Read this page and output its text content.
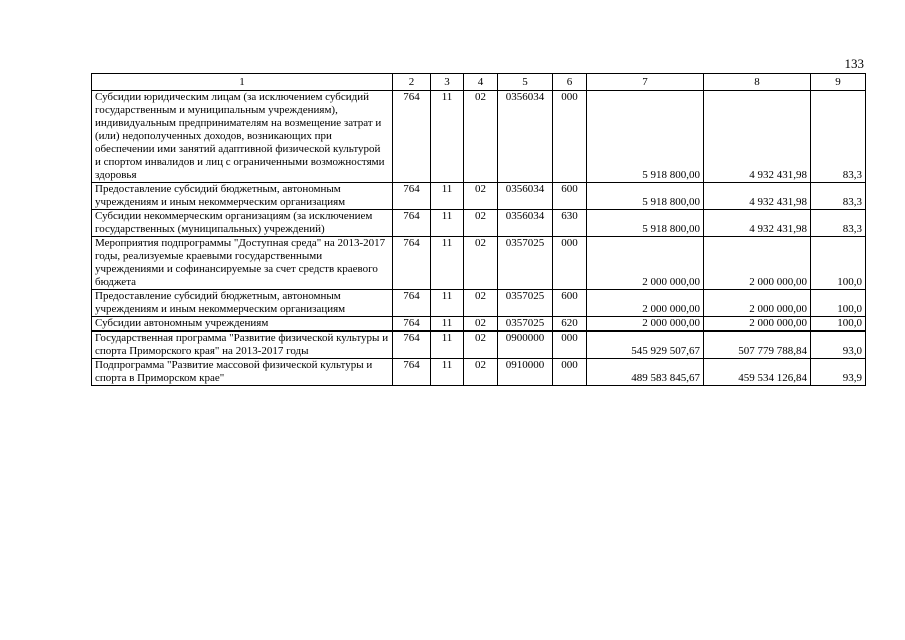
133
1	2	3	4	5	6	7	8	9
Субсидии юридическим лицам (за исключением субсидий государственным и муниципальным учреждениям), индивидуальным предпринимателям на возмещение затрат и (или) недополученных доходов, возникающих при обеспечении ими занятий адаптивной физической культурой и спортом инвалидов и лиц с ограниченными возможностями здоровья	764	11	02	0356034	000	5 918 800,00	4 932 431,98	83,3
Предоставление субсидий бюджетным, автономным учреждениям и иным некоммерческим организациям	764	11	02	0356034	600	5 918 800,00	4 932 431,98	83,3
Субсидии некоммерческим организациям (за исключением государственных (муниципальных) учреждений)	764	11	02	0356034	630	5 918 800,00	4 932 431,98	83,3
Мероприятия подпрограммы "Доступная среда" на 2013-2017 годы, реализуемые краевыми государственными учреждениями и софинансируемые за счет средств краевого бюджета	764	11	02	0357025	000	2 000 000,00	2 000 000,00	100,0
Предоставление субсидий бюджетным, автономным учреждениям и иным некоммерческим организациям	764	11	02	0357025	600	2 000 000,00	2 000 000,00	100,0
Субсидии автономным учреждениям	764	11	02	0357025	620	2 000 000,00	2 000 000,00	100,0
Государственная программа "Развитие физической культуры и спорта Приморского края" на 2013-2017 годы	764	11	02	0900000	000	545 929 507,67	507 779 788,84	93,0
Подпрограмма "Развитие массовой физической культуры и спорта в Приморском крае"	764	11	02	0910000	000	489 583 845,67	459 534 126,84	93,9
